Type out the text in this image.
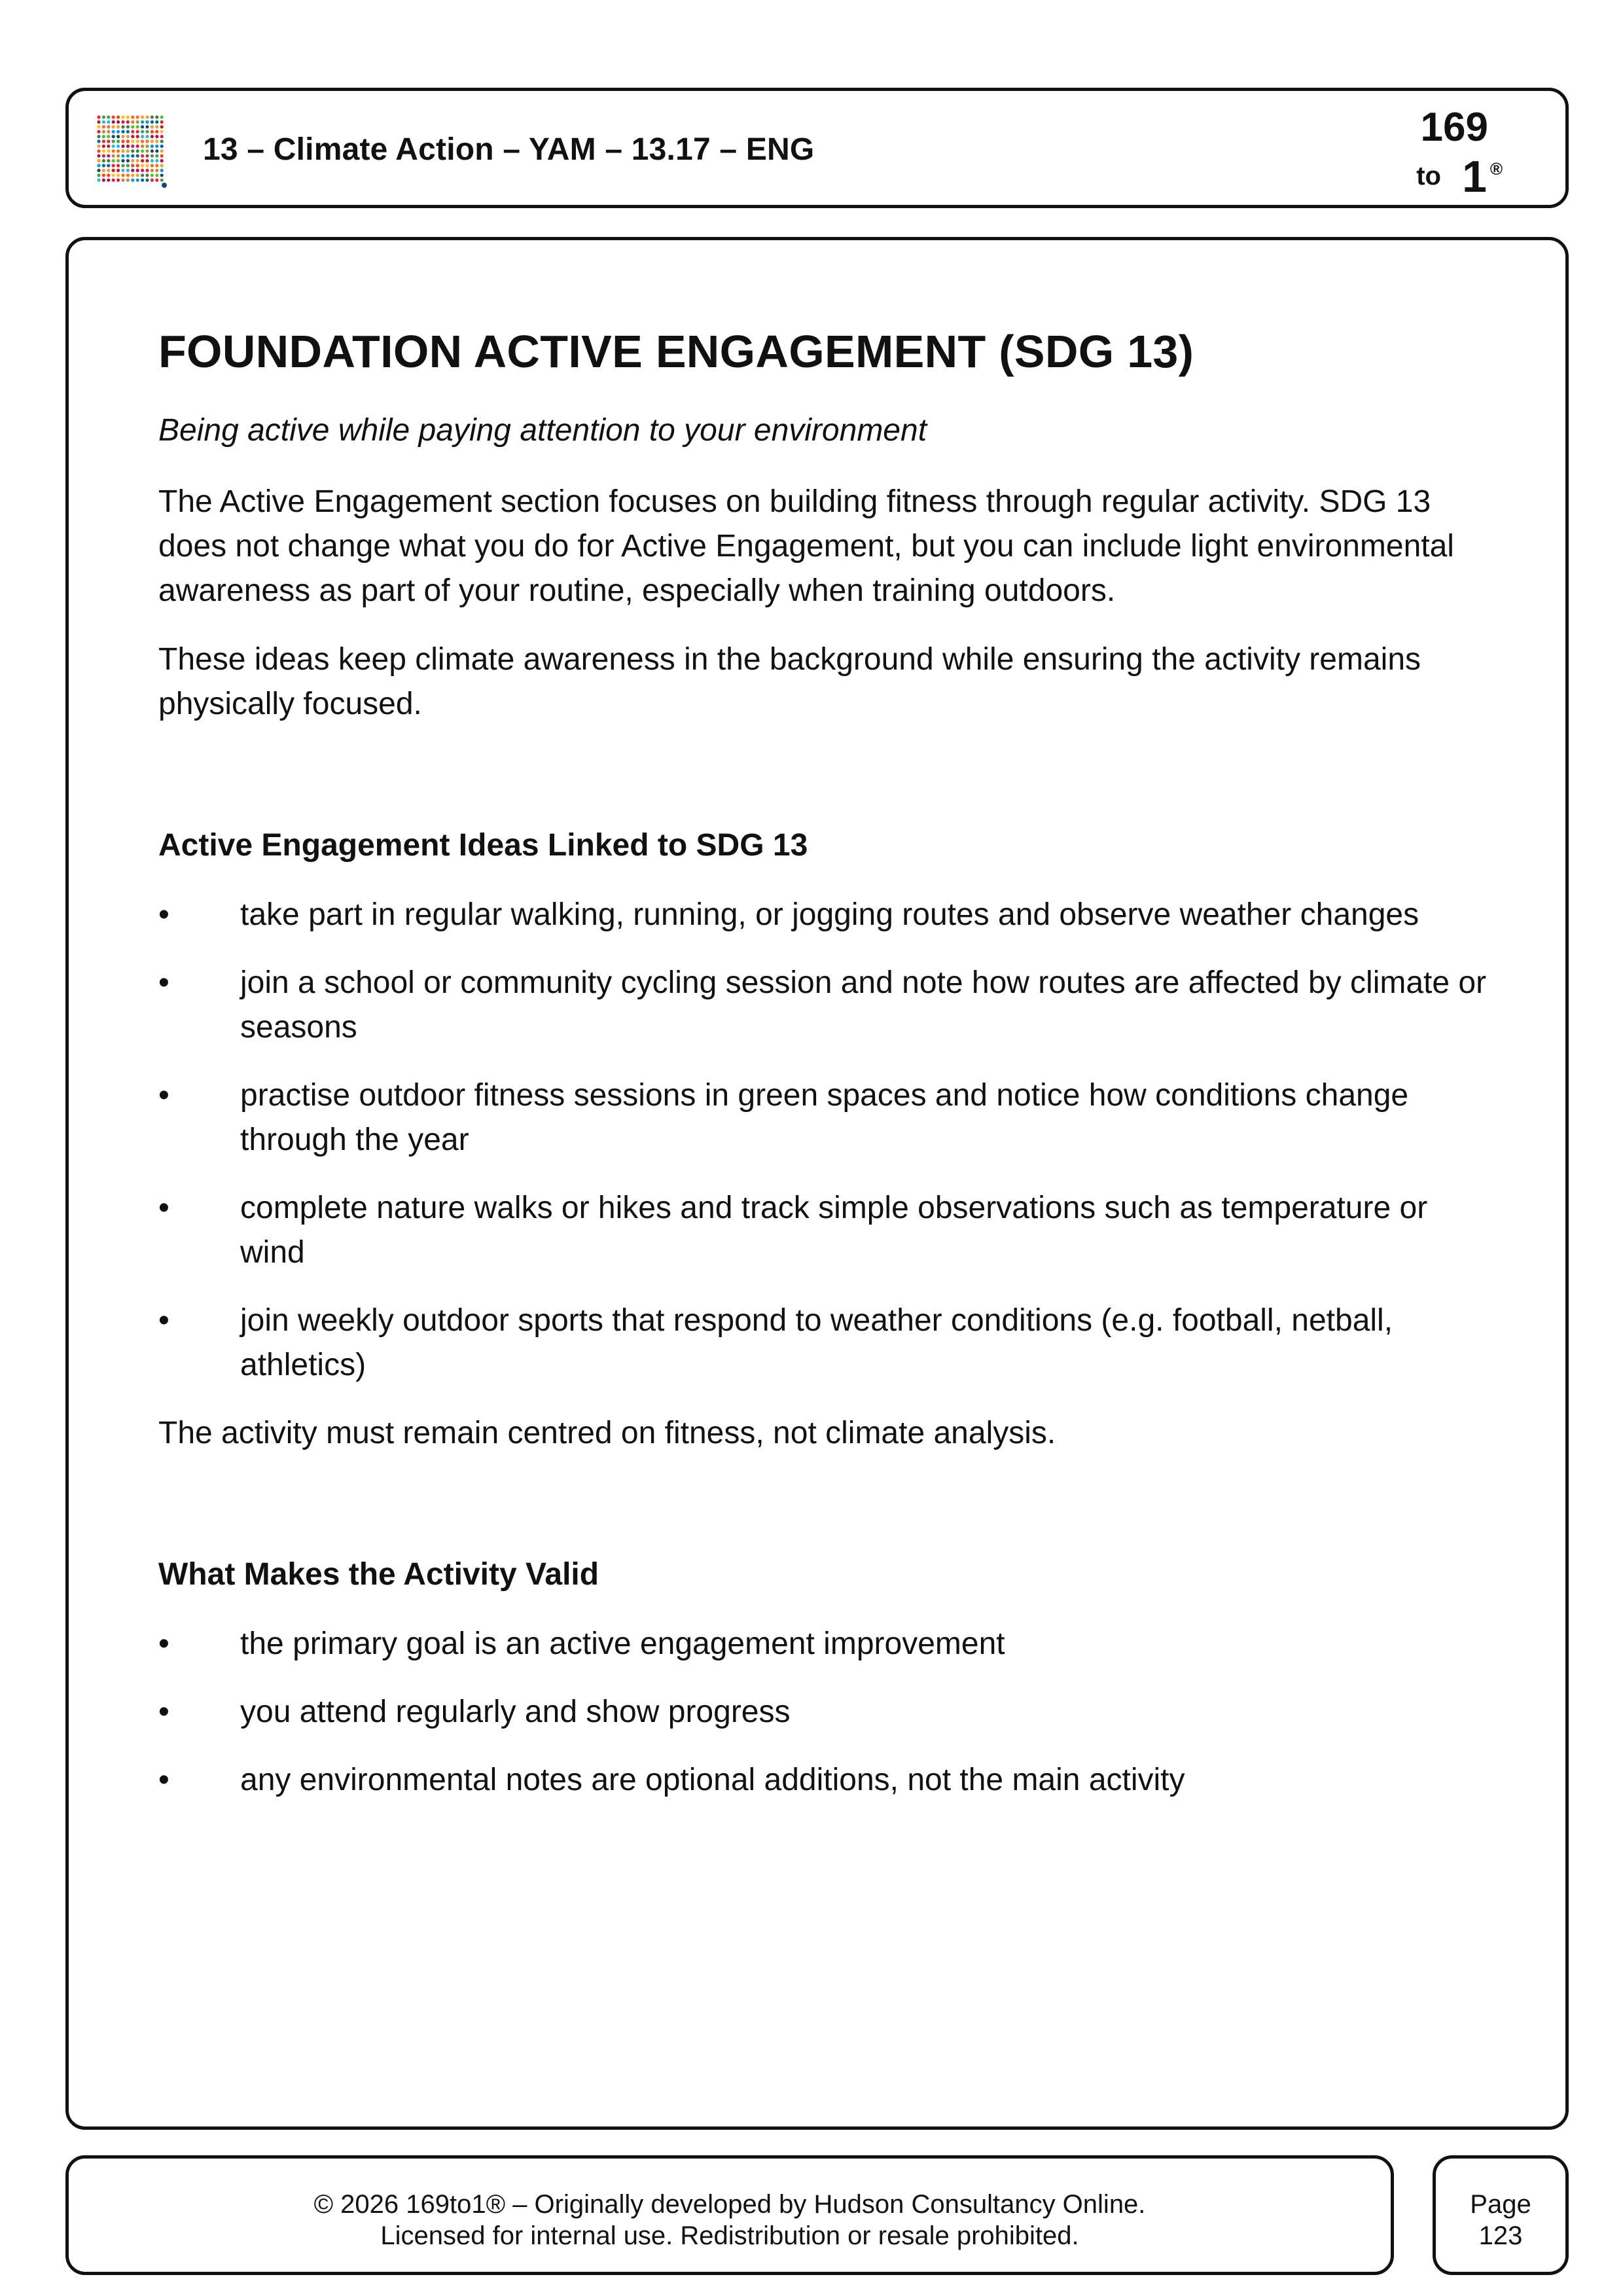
13 – Climate Action – YAM – 13.17 – ENG	169
to 1 ®
FOUNDATION ACTIVE ENGAGEMENT (SDG 13)
Being active while paying attention to your environment

The Active Engagement section focuses on building fitness through regular activity. SDG 13 does not change what you do for Active Engagement, but you can include light environmental awareness as part of your routine, especially when training outdoors.

These ideas keep climate awareness in the background while ensuring the activity remains physically focused.

Active Engagement Ideas Linked to SDG 13
• take part in regular walking, running, or jogging routes and observe weather changes
• join a school or community cycling session and note how routes are affected by climate or seasons
• practise outdoor fitness sessions in green spaces and notice how conditions change through the year
• complete nature walks or hikes and track simple observations such as temperature or wind
• join weekly outdoor sports that respond to weather conditions (e.g. football, netball, athletics)

The activity must remain centred on fitness, not climate analysis.

What Makes the Activity Valid
• the primary goal is an active engagement improvement
• you attend regularly and show progress
• any environmental notes are optional additions, not the main activity
© 2026 169to1® – Originally developed by Hudson Consultancy Online.
Licensed for internal use. Redistribution or resale prohibited.
Page
123
